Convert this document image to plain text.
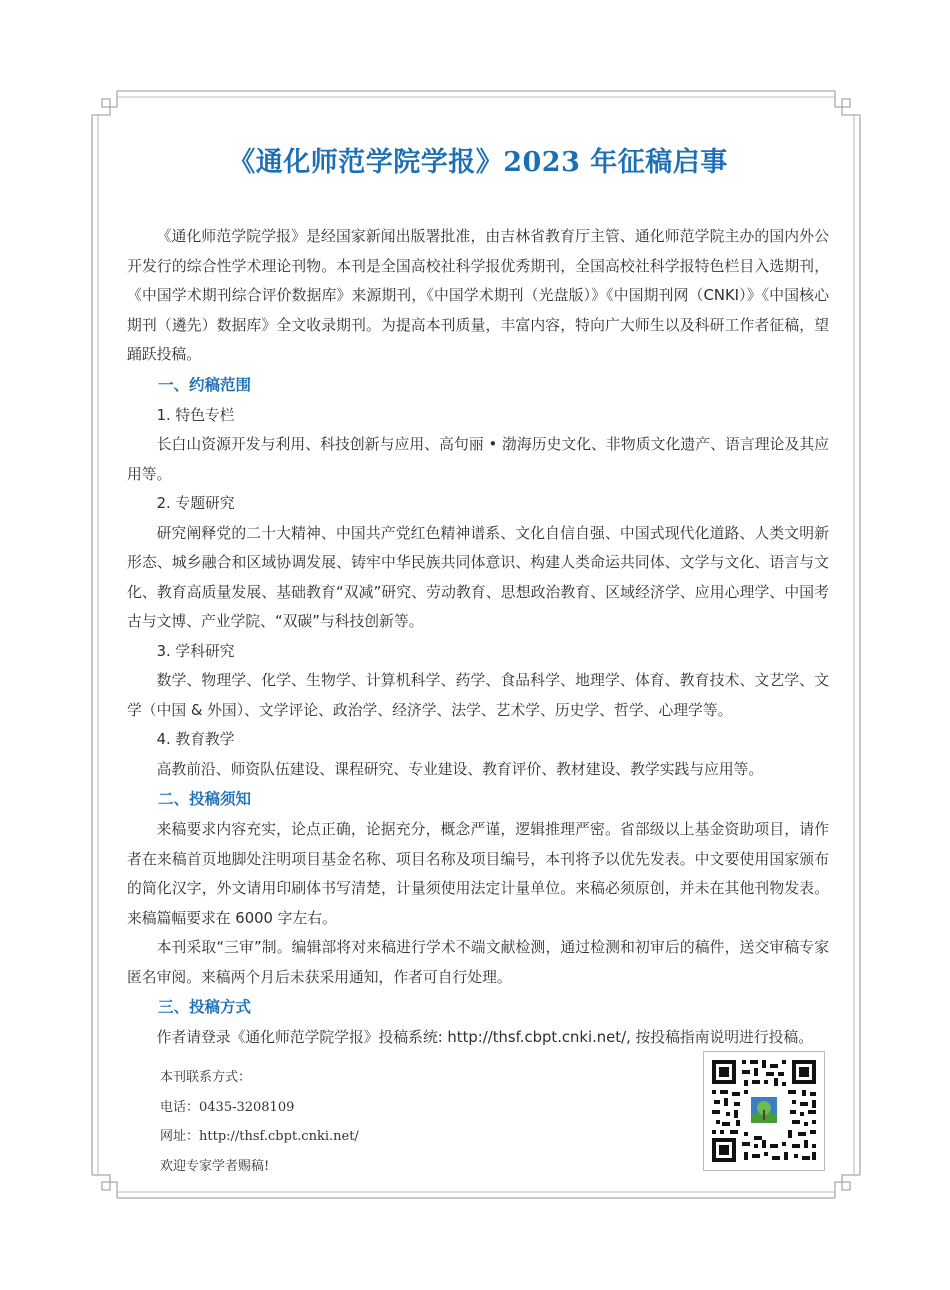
《通化师范学院学报》2023 年征稿启事

《通化师范学院学报》是经国家新闻出版署批准，由吉林省教育厅主管、通化师范学院主办的国内外公开发行的综合性学术理论刊物。本刊是全国高校社科学报优秀期刊，全国高校社科学报特色栏目入选期刊，《中国学术期刊综合评价数据库》来源期刊，《中国学术期刊（光盘版）》《中国期刊网（CNKI）》《中国核心期刊（遴先）数据库》全文收录期刊。为提高本刊质量，丰富内容，特向广大师生以及科研工作者征稿，望踊跃投稿。

一、约稿范围

1. 特色专栏

长白山资源开发与利用、科技创新与应用、高句丽 • 渤海历史文化、非物质文化遗产、语言理论及其应用等。

2. 专题研究

研究阐释党的二十大精神、中国共产党红色精神谱系、文化自信自强、中国式现代化道路、人类文明新形态、城乡融合和区域协调发展、铸牢中华民族共同体意识、构建人类命运共同体、文学与文化、语言与文化、教育高质量发展、基础教育“双减”研究、劳动教育、思想政治教育、区域经济学、应用心理学、中国考古与文博、产业学院、“双碳”与科技创新等。

3. 学科研究

数学、物理学、化学、生物学、计算机科学、药学、食品科学、地理学、体育、教育技术、文艺学、文学（中国 & 外国）、文学评论、政治学、经济学、法学、艺术学、历史学、哲学、心理学等。

4. 教育教学

高教前沿、师资队伍建设、课程研究、专业建设、教育评价、教材建设、教学实践与应用等。

二、投稿须知

来稿要求内容充实，论点正确，论据充分，概念严谨，逻辑推理严密。省部级以上基金资助项目，请作者在来稿首页地脚处注明项目基金名称、项目名称及项目编号，本刊将予以优先发表。中文要使用国家颁布的简化汉字，外文请用印刷体书写清楚，计量须使用法定计量单位。来稿必须原创，并未在其他刊物发表。来稿篇幅要求在 6000 字左右。

本刊采取“三审”制。编辑部将对来稿进行学术不端文献检测，通过检测和初审后的稿件，送交审稿专家匿名审阅。来稿两个月后未获采用通知，作者可自行处理。

三、投稿方式

作者请登录《通化师范学院学报》投稿系统: http://thsf.cbpt.cnki.net/, 按投稿指南说明进行投稿。

本刊联系方式：
电话：0435-3208109
网址：http://thsf.cbpt.cnki.net/
欢迎专家学者赐稿!
